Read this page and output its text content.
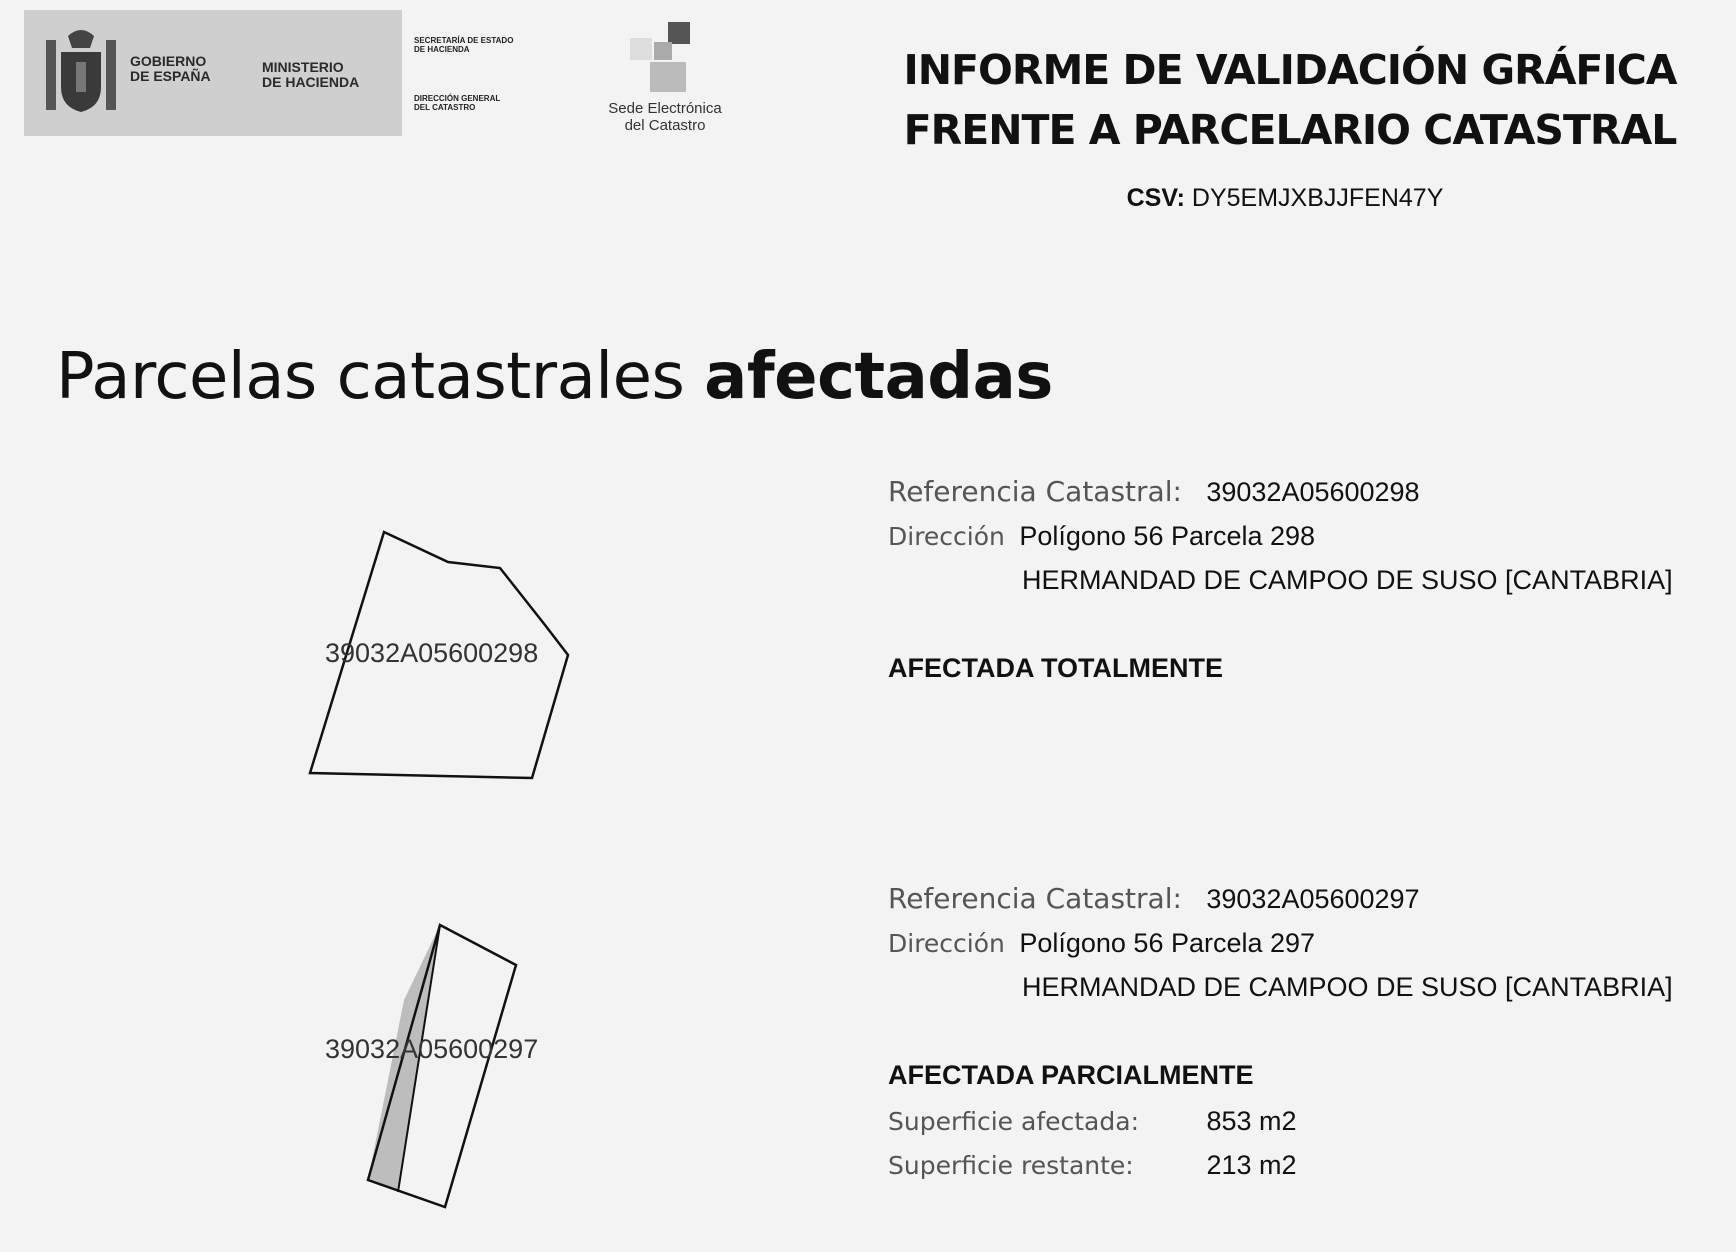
GOBIERNO
DE ESPAÑA
MINISTERIO
DE HACIENDA
SECRETARÍA DE ESTADO
DE HACIENDA
DIRECCIÓN GENERAL
DEL CATASTRO	Sede Electrónica
del Catastro
INFORME DE VALIDACIÓN GRÁFICA
FRENTE A PARCELARIO CATASTRAL
CSV: DY5EMJXBJJFEN47Y
Parcelas catastrales afectadas
39032A05600298
39032A05600297
Referencia Catastral: 39032A05600298
Dirección Polígono 56 Parcela 298
HERMANDAD DE CAMPOO DE SUSO [CANTABRIA]
AFECTADA TOTALMENTE
Referencia Catastral: 39032A05600297
Dirección Polígono 56 Parcela 297
HERMANDAD DE CAMPOO DE SUSO [CANTABRIA]
AFECTADA PARCIALMENTE
Superficie afectada: 853 m2
Superficie restante:	213 m2
